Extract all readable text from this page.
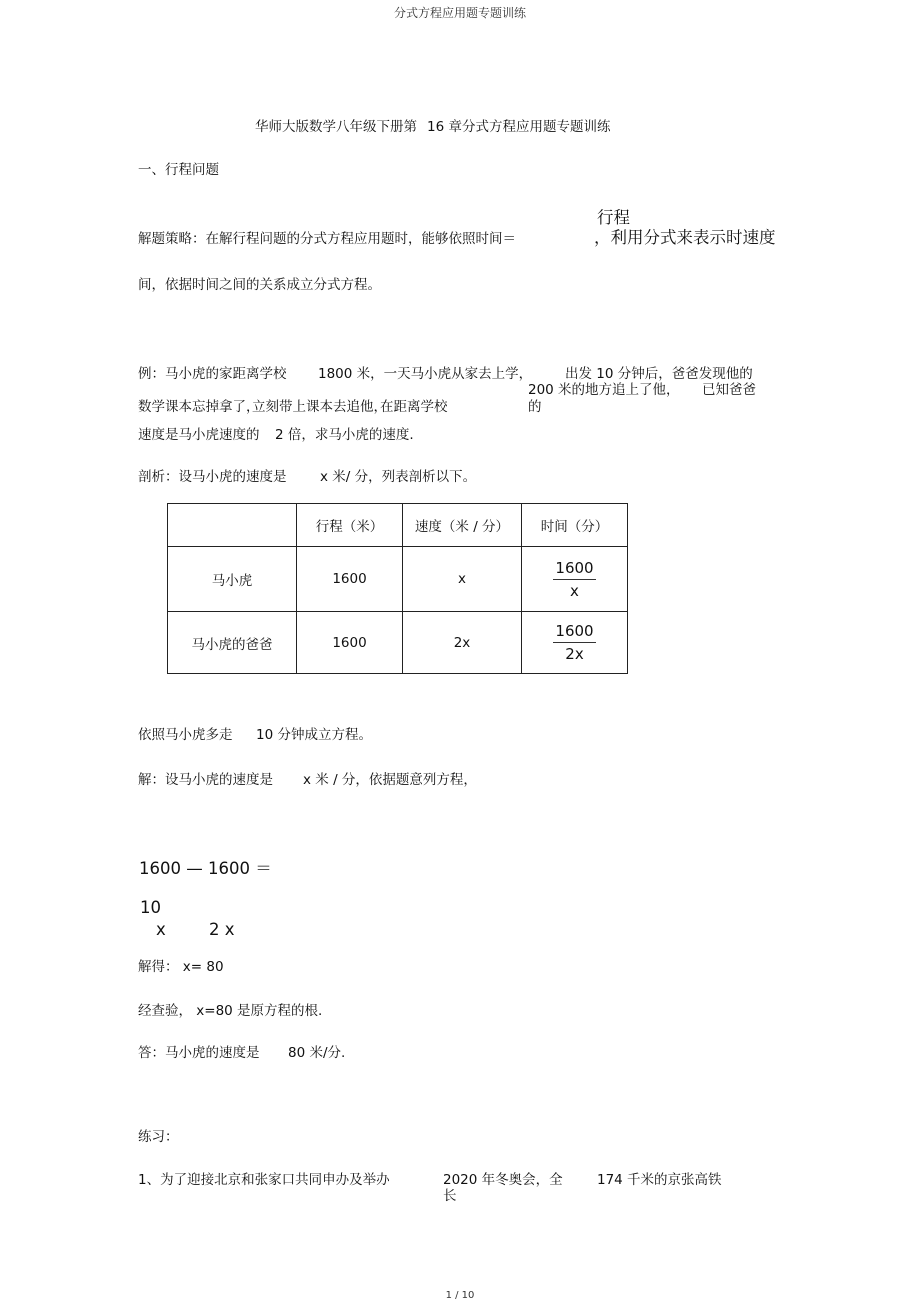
分式方程应用题专题训练
华师大版数学八年级下册第 16 章分式方程应用题专题训练
一、行程问题
行程
解题策略：在解行程问题的分式方程应用题时，能够依照时间＝	，利用分式来表示时速度
间，依据时间之间的关系成立分式方程。
例：马小虎的家距离学校 1800 米，一天马小虎从家去上学， 出发 10 分钟后，爸爸发现他的
200 米的地方追上了他， 已知爸爸
数学课本忘掉拿了，
立刻带上课本去追他，
在距离学校	的
速度是马小虎速度的 2 倍，求马小虎的速度.
剖析：设马小虎的速度是 x 米/ 分，列表剖析以下。
	行程（米）	速度（米 / 分）	时间（分）
马小虎	1600	x	$\frac{1600}{x}$
马小虎的爸爸	1600	2x	$\frac{1600}{2x}$
依照马小虎多走 10 分钟成立方程。
解：设马小虎的速度是 x 米 / 分，依据题意列方程，
1600 — 1600 ＝
10
x	2 x
解得： x= 80
经查验， x=80 是原方程的根.
答：马小虎的速度是 80 米/分.
练习：
1、为了迎接北京和张家口共同申办及举办	2020 年冬奥会，全	174 千米的京张高铁
长
1 / 10
